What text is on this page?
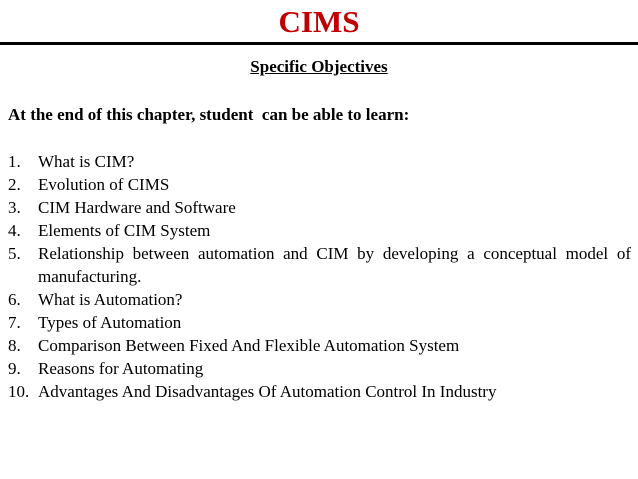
CIMS
Specific Objectives
At the end of this chapter, student  can be able to learn:
1.	What is CIM?
2.	Evolution of CIMS
3.	CIM Hardware and Software
4.	Elements of CIM System
5.	Relationship between automation and CIM by developing a conceptual model of manufacturing.
6.	What is Automation?
7.	Types of Automation
8.	Comparison Between Fixed And Flexible Automation System
9.	Reasons for Automating
10. Advantages And Disadvantages Of Automation Control In Industry
